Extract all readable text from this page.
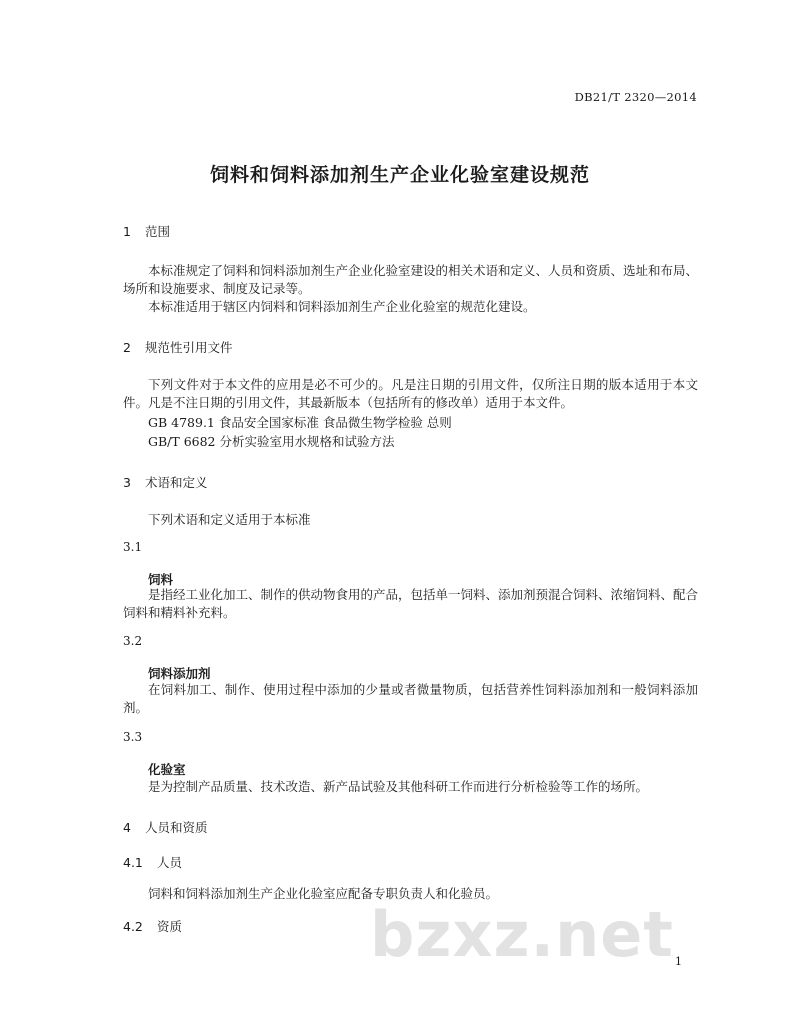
DB21/T 2320—2014
饲料和饲料添加剂生产企业化验室建设规范
1 范围
本标准规定了饲料和饲料添加剂生产企业化验室建设的相关术语和定义、人员和资质、选址和布局、场所和设施要求、制度及记录等。
本标准适用于辖区内饲料和饲料添加剂生产企业化验室的规范化建设。
2 规范性引用文件
下列文件对于本文件的应用是必不可少的。凡是注日期的引用文件，仅所注日期的版本适用于本文件。凡是不注日期的引用文件，其最新版本（包括所有的修改单）适用于本文件。
GB 4789.1 食品安全国家标准 食品微生物学检验 总则
GB/T 6682 分析实验室用水规格和试验方法
3 术语和定义
下列术语和定义适用于本标准
3.1
饲料
是指经工业化加工、制作的供动物食用的产品，包括单一饲料、添加剂预混合饲料、浓缩饲料、配合饲料和精料补充料。
3.2
饲料添加剂
在饲料加工、制作、使用过程中添加的少量或者微量物质，包括营养性饲料添加剂和一般饲料添加剂。
3.3
化验室
是为控制产品质量、技术改造、新产品试验及其他科研工作而进行分析检验等工作的场所。
4 人员和资质
4.1 人员
饲料和饲料添加剂生产企业化验室应配备专职负责人和化验员。
4.2 资质	bzxz.net 1
